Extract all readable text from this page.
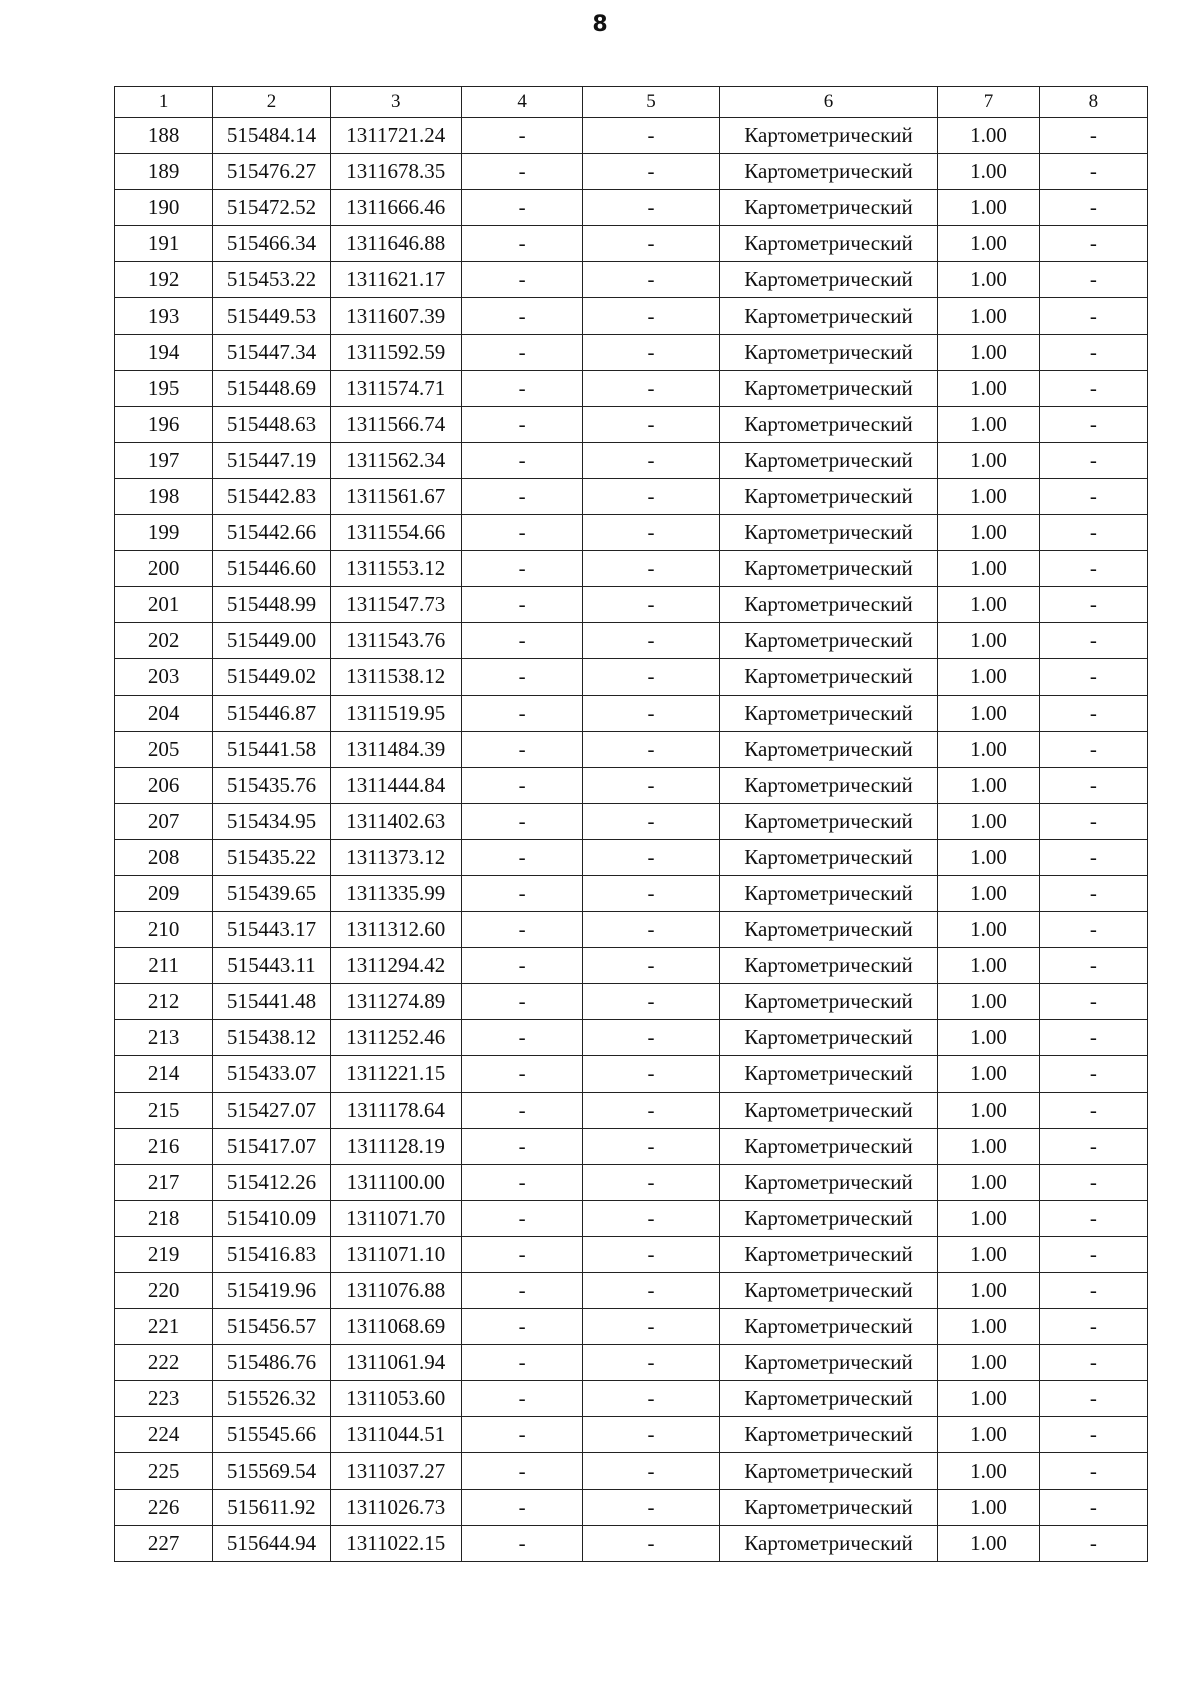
8
1	2	3	4	5	6	7	8
188	515484.14	1311721.24	-	-	Картометрический	1.00	-
189	515476.27	1311678.35	-	-	Картометрический	1.00	-
190	515472.52	1311666.46	-	-	Картометрический	1.00	-
191	515466.34	1311646.88	-	-	Картометрический	1.00	-
192	515453.22	1311621.17	-	-	Картометрический	1.00	-
193	515449.53	1311607.39	-	-	Картометрический	1.00	-
194	515447.34	1311592.59	-	-	Картометрический	1.00	-
195	515448.69	1311574.71	-	-	Картометрический	1.00	-
196	515448.63	1311566.74	-	-	Картометрический	1.00	-
197	515447.19	1311562.34	-	-	Картометрический	1.00	-
198	515442.83	1311561.67	-	-	Картометрический	1.00	-
199	515442.66	1311554.66	-	-	Картометрический	1.00	-
200	515446.60	1311553.12	-	-	Картометрический	1.00	-
201	515448.99	1311547.73	-	-	Картометрический	1.00	-
202	515449.00	1311543.76	-	-	Картометрический	1.00	-
203	515449.02	1311538.12	-	-	Картометрический	1.00	-
204	515446.87	1311519.95	-	-	Картометрический	1.00	-
205	515441.58	1311484.39	-	-	Картометрический	1.00	-
206	515435.76	1311444.84	-	-	Картометрический	1.00	-
207	515434.95	1311402.63	-	-	Картометрический	1.00	-
208	515435.22	1311373.12	-	-	Картометрический	1.00	-
209	515439.65	1311335.99	-	-	Картометрический	1.00	-
210	515443.17	1311312.60	-	-	Картометрический	1.00	-
211	515443.11	1311294.42	-	-	Картометрический	1.00	-
212	515441.48	1311274.89	-	-	Картометрический	1.00	-
213	515438.12	1311252.46	-	-	Картометрический	1.00	-
214	515433.07	1311221.15	-	-	Картометрический	1.00	-
215	515427.07	1311178.64	-	-	Картометрический	1.00	-
216	515417.07	1311128.19	-	-	Картометрический	1.00	-
217	515412.26	1311100.00	-	-	Картометрический	1.00	-
218	515410.09	1311071.70	-	-	Картометрический	1.00	-
219	515416.83	1311071.10	-	-	Картометрический	1.00	-
220	515419.96	1311076.88	-	-	Картометрический	1.00	-
221	515456.57	1311068.69	-	-	Картометрический	1.00	-
222	515486.76	1311061.94	-	-	Картометрический	1.00	-
223	515526.32	1311053.60	-	-	Картометрический	1.00	-
224	515545.66	1311044.51	-	-	Картометрический	1.00	-
225	515569.54	1311037.27	-	-	Картометрический	1.00	-
226	515611.92	1311026.73	-	-	Картометрический	1.00	-
227	515644.94	1311022.15	-	-	Картометрический	1.00	-
